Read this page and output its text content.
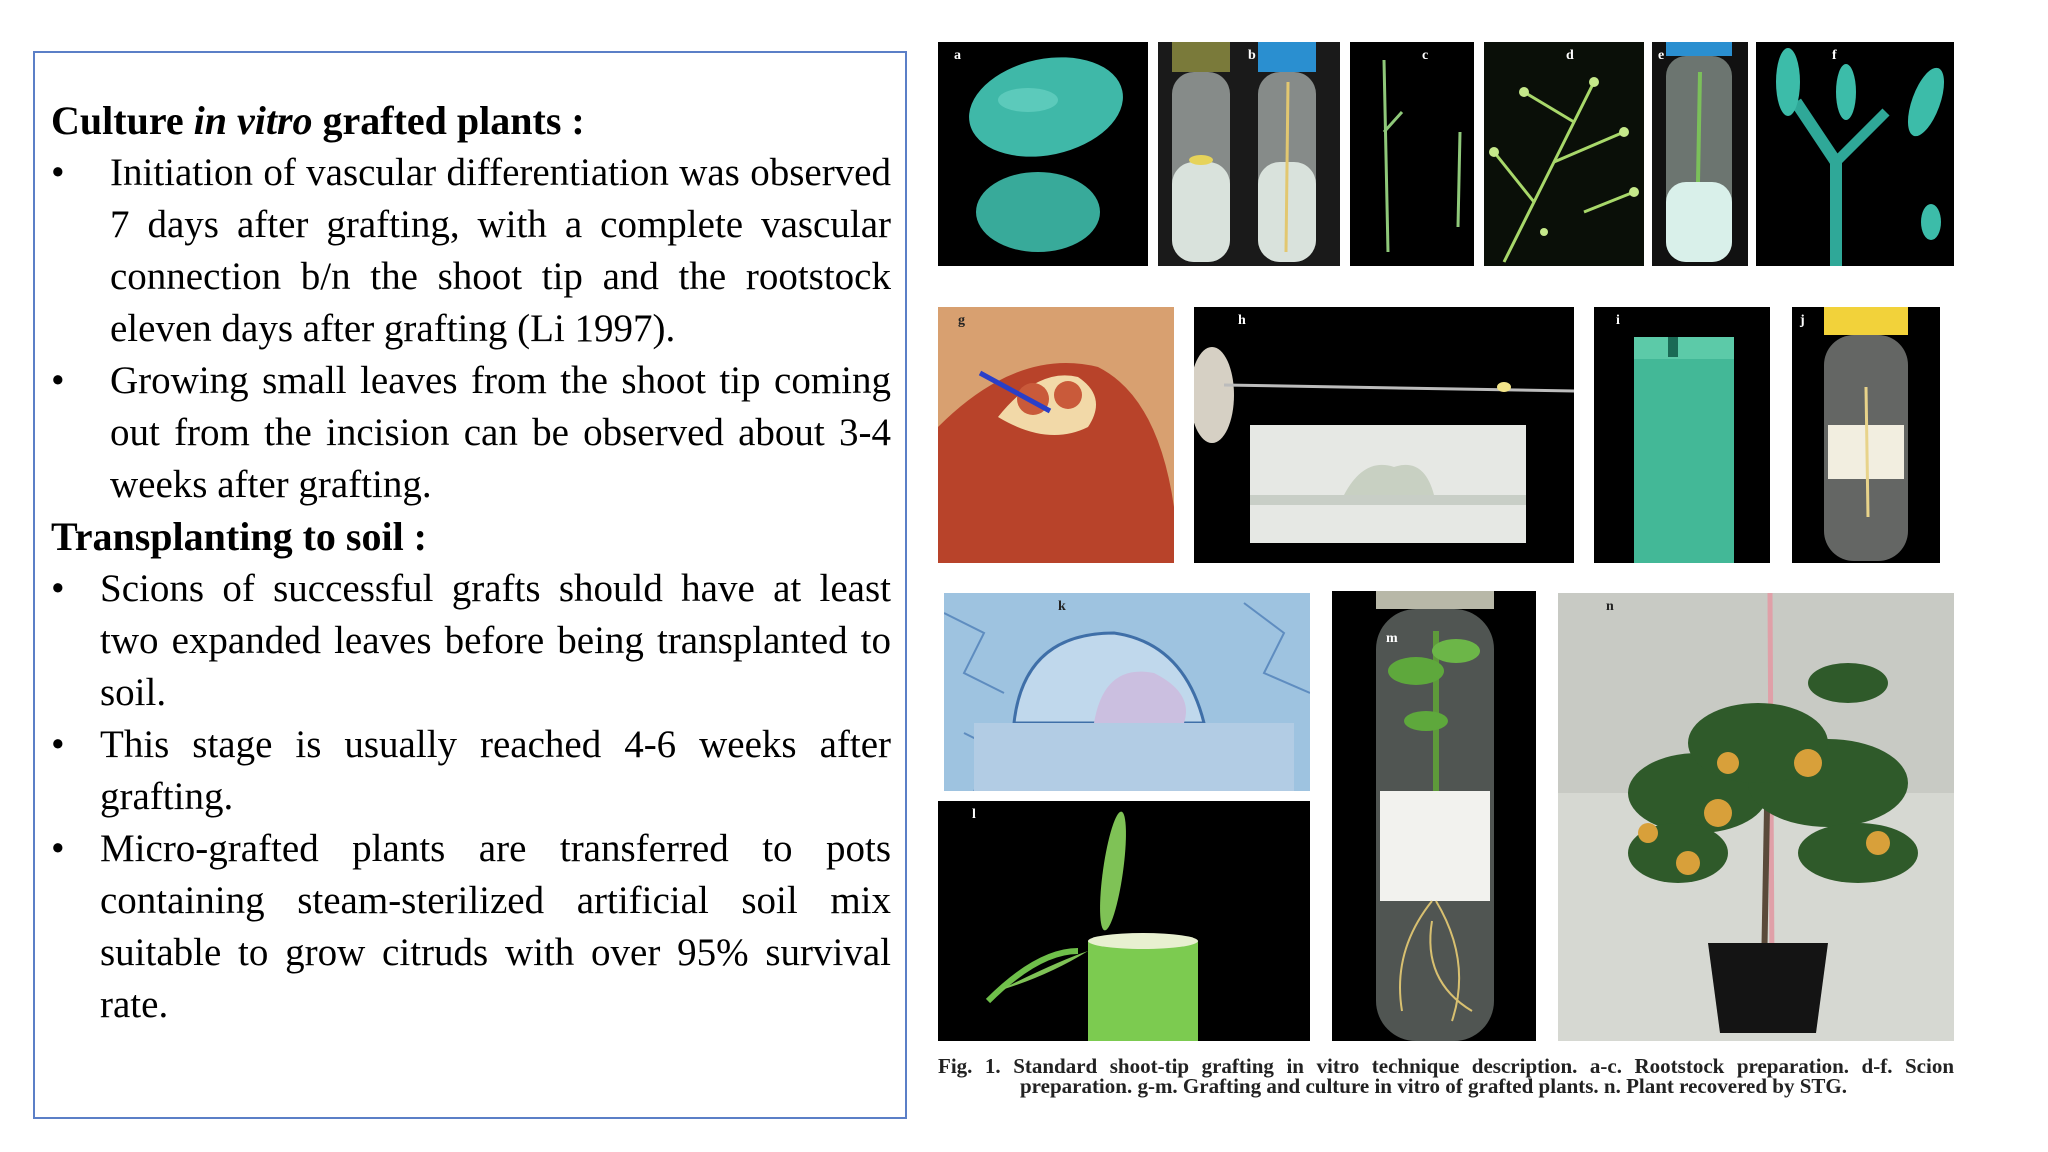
Culture in vitro grafted plants :

• Initiation of vascular differentiation was observed 7 days after grafting, with a complete vascular connection b/n the shoot tip and the rootstock eleven days after grafting (Li 1997).
• Growing small leaves from the shoot tip coming out from the incision can be observed about 3-4 weeks after grafting.

Transplanting to soil :

• Scions of successful grafts should have at least two expanded leaves before being transplanted to soil.
• This stage is usually reached 4-6 weeks after grafting.
• Micro-grafted plants are transferred to pots containing steam-sterilized artificial soil mix suitable to grow citruds with over 95% survival rate.
a	b	c	d	e	f
g	h	i	j
k
l
m
n
Fig. 1. Standard shoot-tip grafting in vitro technique description. a-c. Rootstock preparation. d-f. Scion preparation. g-m. Grafting and culture in vitro of grafted plants. n. Plant recovered by STG.
